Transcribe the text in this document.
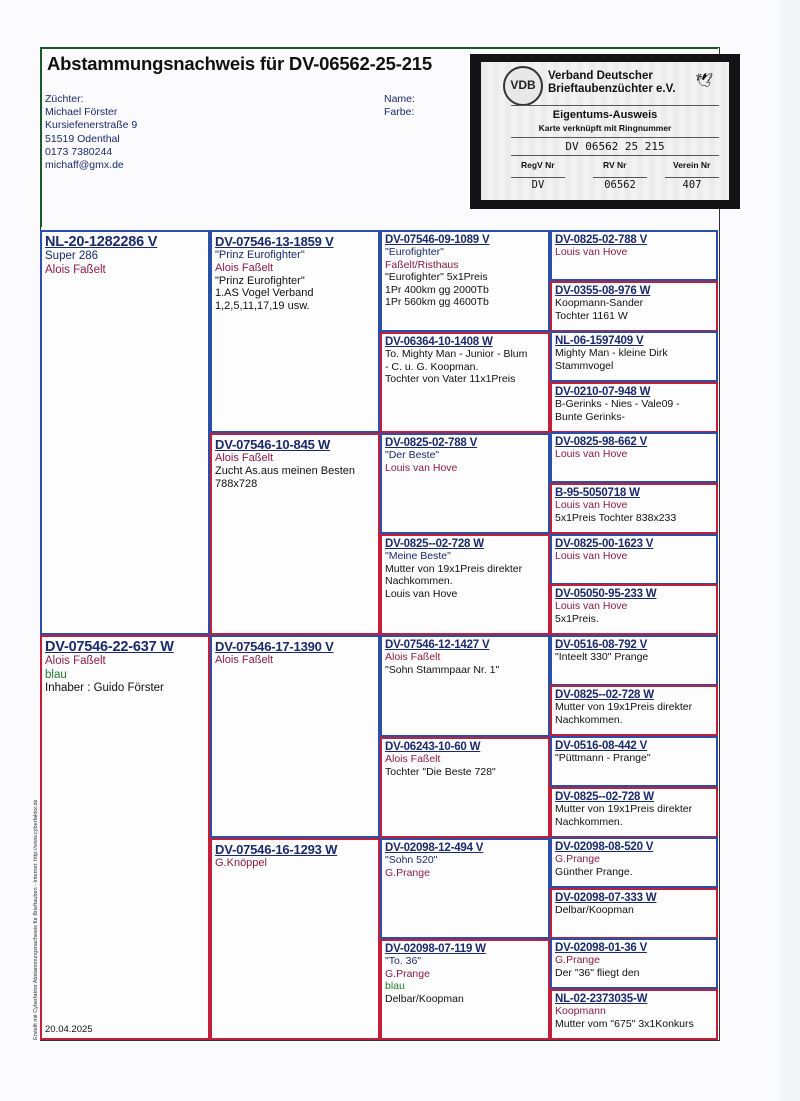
Abstammungsnachweis für DV-06562-25-215
Züchter:
Michael Förster
Kursiefenerstraße 9
51519 Odenthal
0173 7380244
michaff@gmx.de
Name:
Farbe:
VDB
Verband Deutscher
Brieftaubenzüchter e.V.
🕊
Eigentums-Ausweis
Karte verknüpft mit Ringnummer
DV 06562 25 215
RegV Nr	RV Nr	Verein Nr
DV	06562	407
NL-20-1282286 V
Super 286
Alois Faßelt
DV-07546-22-637 W
Alois Faßelt
blau
Inhaber : Guido Förster
DV-07546-13-1859 V
"Prinz Eurofighter"
Alois Faßelt
"Prinz Eurofighter"
1.AS Vogel Verband
1,2,5,11,17,19 usw.
DV-07546-10-845 W
Alois Faßelt
Zucht As.aus meinen Besten
788x728
DV-07546-17-1390 V
Alois Faßelt
DV-07546-16-1293 W
G.Knöppel
DV-07546-09-1089 V
"Eurofighter"
Faßelt/Risthaus
"Eurofighter" 5x1Preis
1Pr 400km gg 2000Tb
1Pr 560km gg 4600Tb
DV-06364-10-1408 W
To. Mighty Man - Junior - Blum
- C. u. G. Koopman.
Tochter von Vater 11x1Preis
DV-0825-02-788 V
"Der Beste"
Louis van Hove
DV-0825--02-728 W
"Meine Beste"
Mutter von 19x1Preis direkter
Nachkommen.
Louis van Hove
DV-07546-12-1427 V
Alois Faßelt
"Sohn Stammpaar Nr. 1"
DV-06243-10-60 W
Alois Faßelt
Tochter "Die Beste 728"
DV-02098-12-494 V
"Sohn 520"
G.Prange
DV-02098-07-119 W
"To. 36"
G.Prange
blau
Delbar/Koopman
DV-0825-02-788 V
Louis van Hove
DV-0355-08-976 W
Koopmann-Sander
Tochter 1161 W
NL-06-1597409 V
Mighty Man - kleine Dirk
Stammvogel
DV-0210-07-948 W
B-Gerinks - Nies - Vale09 -
Bunte Gerinks-
DV-0825-98-662 V
Louis van Hove
B-95-5050718 W
Louis van Hove
5x1Preis Tochter 838x233
DV-0825-00-1623 V
Louis van Hove
DV-05050-95-233 W
Louis van Hove
5x1Preis.
DV-0516-08-792 V
"Inteelt 330" Prange
DV-0825--02-728 W
Mutter von 19x1Preis direkter
Nachkommen.
DV-0516-08-442 V
"Püttmann - Prange"
DV-0825--02-728 W
Mutter von 19x1Preis direkter
Nachkommen.
DV-02098-08-520 V
G.Prange
Günther Prange.
DV-02098-07-333 W
Delbar/Koopman
DV-02098-01-36 V
G.Prange
Der "36" fliegt den
NL-02-2373035-W
Koopmann
Mutter vom "675" 3x1Konkurs
20.04.2025
Erstellt mit Cyberfaktor Abstammungsnachweis für Brieftauben - Internet: http://www.cyberfaktor.de
